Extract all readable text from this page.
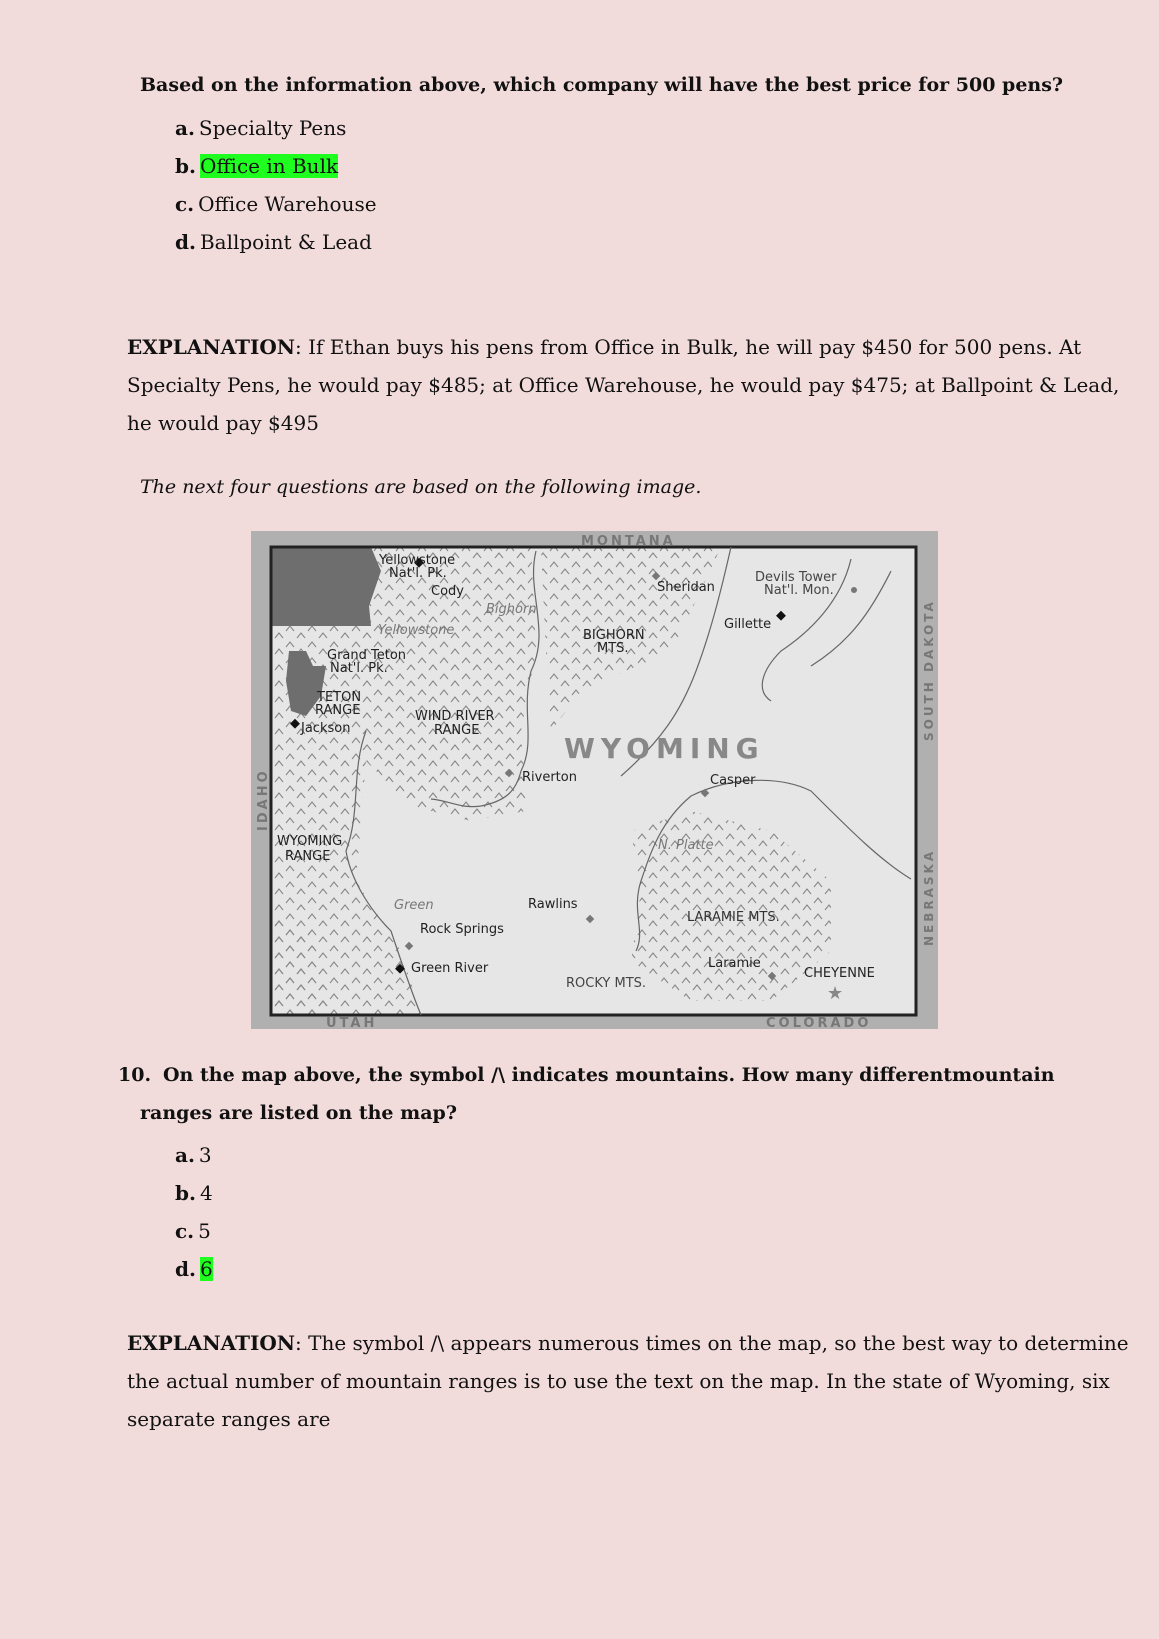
Based on the information above, which company will have the best price for 500 pens?
a. Specialty Pens
b. Office in Bulk
c. Office Warehouse
d. Ballpoint & Lead
EXPLANATION: If Ethan buys his pens from Office in Bulk, he will pay $450 for 500 pens. At Specialty Pens, he would pay $485; at Office Warehouse, he would pay $475; at Ballpoint & Lead, he would pay $495
The next four questions are based on the following image.
MONTANA
UTAH	COLORADO
IDAHO
SOUTH DAKOTA
NEBRASKA
WYOMING
★
Yellowstone
Nat'l. Pk.
Cody
Bighorn
Yellowstone
Sheridan
Devils Tower
Nat'l. Mon.
Gillette
BIGHORN
MTS.
Grand Teton
Nat'l. Pk.
TETON
RANGE
Jackson
WIND RIVER
RANGE
Riverton	Casper
N. Platte
WYOMING
RANGE
Green	Rawlins
LARAMIE MTS.
Rock Springs
Green River	Laramie
CHEYENNE
ROCKY MTS.
10. On the map above, the symbol /\ indicates mountains. How many differentmountain
ranges are listed on the map?
a. 3
b. 4
c. 5
d. 6
EXPLANATION: The symbol /\ appears numerous times on the map, so the best way to determine the actual number of mountain ranges is to use the text on the map. In the state of Wyoming, six separate ranges are
